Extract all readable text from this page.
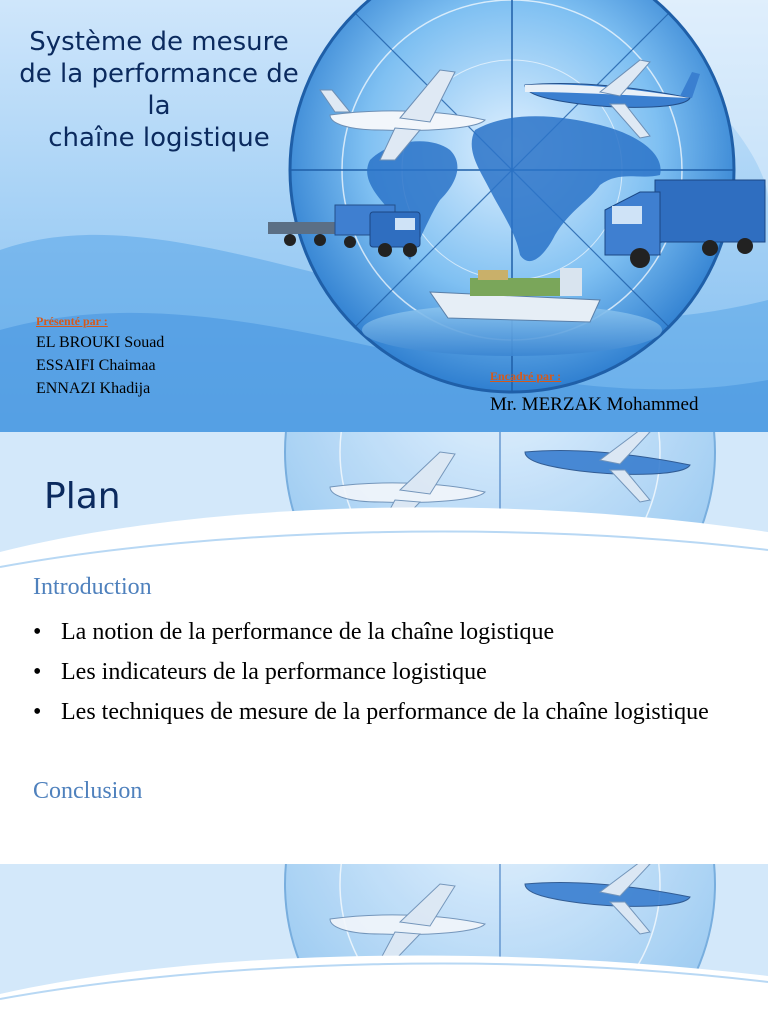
Système de mesure
de la performance de
la
chaîne logistique

Présenté par :

EL BROUKI Souad
ESSAIFI Chaimaa
ENNAZI Khadija

Encadré par :

Mr. MERZAK Mohammed

Plan

Introduction

• La notion de la performance de la chaîne logistique
• Les indicateurs de la performance logistique
• Les techniques de mesure de la performance de la chaîne logistique

Conclusion
